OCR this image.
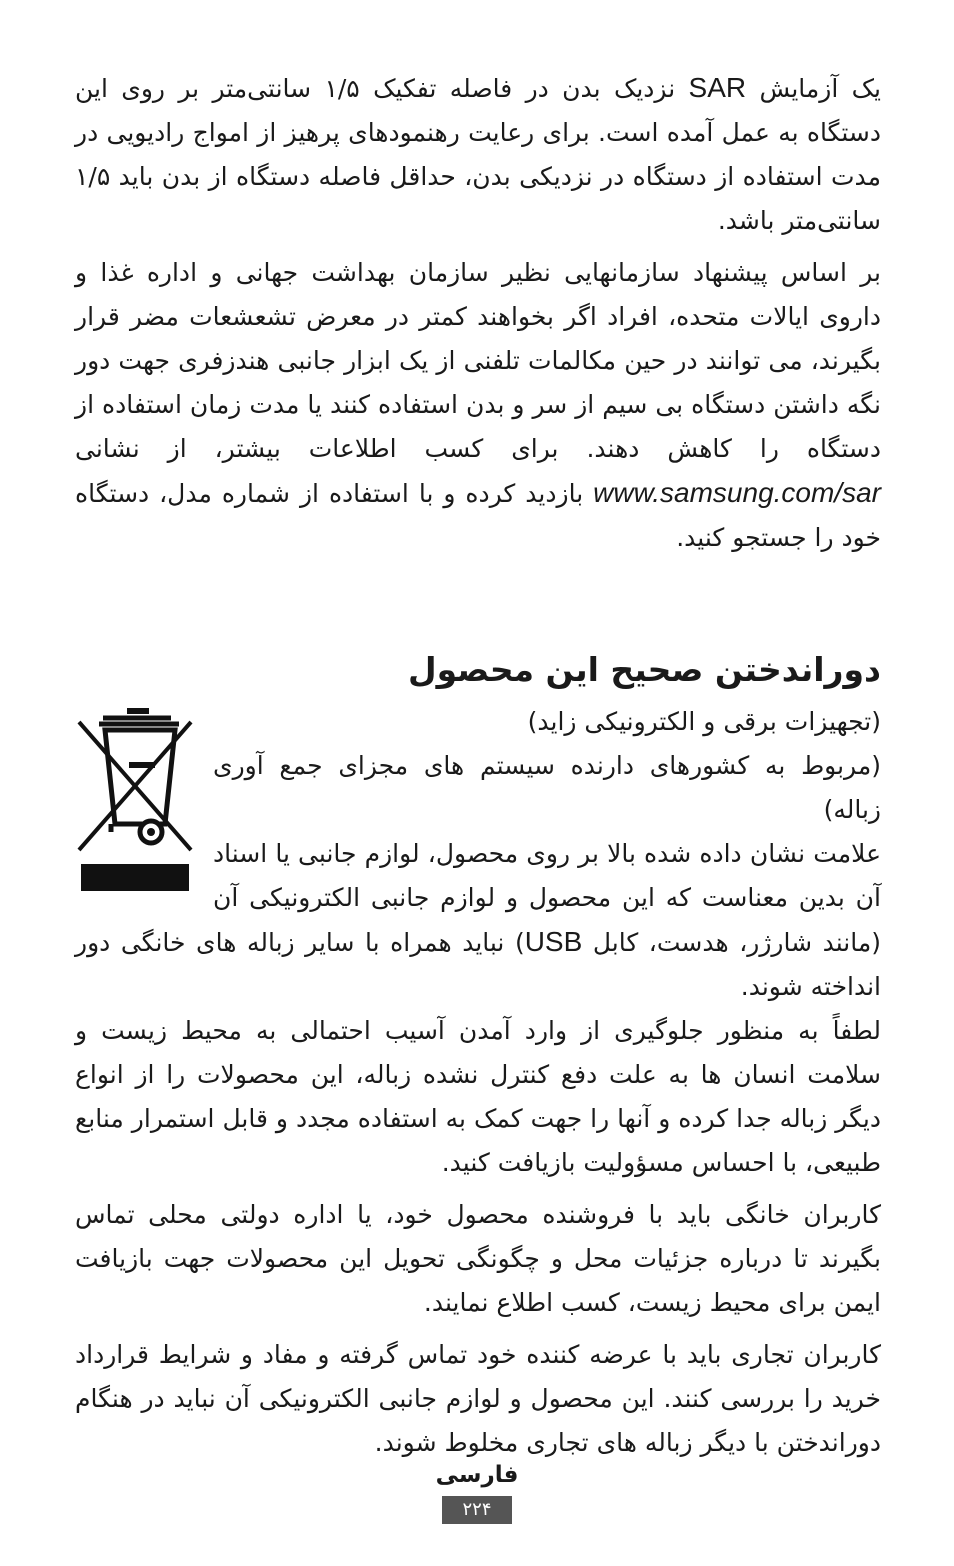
یک آزمایش SAR نزدیک بدن در فاصله تفکیک ۱/۵ سانتی‌متر بر روی این دستگاه به عمل آمده است. برای رعایت رهنمودهای پرهیز از امواج رادیویی در مدت استفاده از دستگاه در نزدیکی بدن، حداقل فاصله دستگاه از بدن باید ۱/۵ سانتی‌متر باشد.

بر اساس پیشنهاد سازمانهایی نظیر سازمان بهداشت جهانی و اداره غذا و داروی ایالات متحده، افراد اگر بخواهند کمتر در معرض تشعشعات مضر قرار بگیرند، می توانند در حین مکالمات تلفنی از یک ابزار جانبی هندزفری جهت دور نگه داشتن دستگاه بی سیم از سر و بدن استفاده کنند یا مدت زمان استفاده از دستگاه را کاهش دهند. برای کسب اطلاعات بیشتر، از نشانی www.samsung.com/sar بازدید کرده و با استفاده از شماره مدل، دستگاه خود را جستجو کنید.

دوراندختن صحیح این محصول

(تجهیزات برقی و الکترونیکی زاید)

(مربوط به کشورهای دارنده سیستم های مجزای جمع آوری زباله)

علامت نشان داده شده بالا بر روی محصول، لوازم جانبی یا اسناد آن بدین معناست که این محصول و لوازم جانبی الکترونیکی آن (مانند شارژر، هدست، کابل USB) نباید همراه با سایر زباله های خانگی دور انداخته شوند.

لطفاً به منظور جلوگیری از وارد آمدن آسیب احتمالی به محیط زیست و سلامت انسان ها به علت دفع کنترل نشده زباله، این محصولات را از انواع دیگر زباله جدا کرده و آنها را جهت کمک به استفاده مجدد و قابل استمرار منابع طبیعی، با احساس مسؤولیت بازیافت کنید.

کاربران خانگی باید با فروشنده محصول خود، یا اداره دولتی محلی تماس بگیرند تا درباره جزئیات محل و چگونگی تحویل این محصولات جهت بازیافت ایمن برای محیط زیست، کسب اطلاع نمایند.

کاربران تجاری باید با عرضه کننده خود تماس گرفته و مفاد و شرایط قرارداد خرید را بررسی کنند. این محصول و لوازم جانبی الکترونیکی آن نباید در هنگام دوراندختن با دیگر زباله های تجاری مخلوط شوند.

فارسی
۲۲۴
